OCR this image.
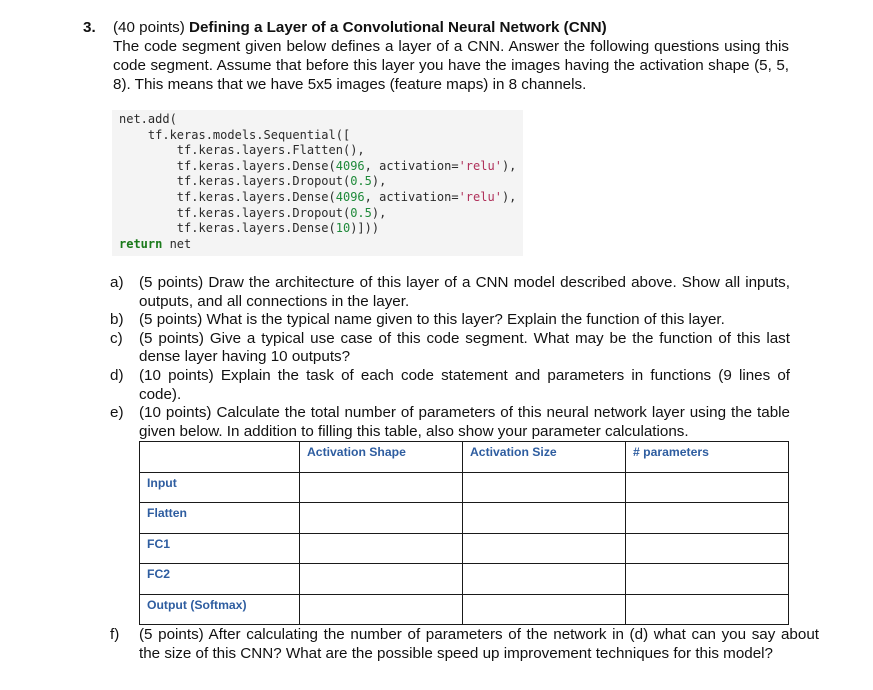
3. (40 points) Defining a Layer of a Convolutional Neural Network (CNN)
The code segment given below defines a layer of a CNN. Answer the following questions using this code segment. Assume that before this layer you have the images having the activation shape (5, 5, 8). This means that we have 5x5 images (feature maps) in 8 channels.
net.add(
tf.keras.models.Sequential([
tf.keras.layers.Flatten(),
tf.keras.layers.Dense(4096, activation='relu'),
tf.keras.layers.Dropout(0.5),
tf.keras.layers.Dense(4096, activation='relu'),
tf.keras.layers.Dropout(0.5),
tf.keras.layers.Dense(10)]))
return net
a) (5 points) Draw the architecture of this layer of a CNN model described above. Show all inputs, outputs, and all connections in the layer.
b) (5 points) What is the typical name given to this layer? Explain the function of this layer.
c) (5 points) Give a typical use case of this code segment. What may be the function of this last dense layer having 10 outputs?
d) (10 points) Explain the task of each code statement and parameters in functions (9 lines of code).
e) (10 points) Calculate the total number of parameters of this neural network layer using the table given below. In addition to filling this table, also show your parameter calculations.
	Activation Shape	Activation Size	# parameters
Input			
Flatten			
FC1			
FC2			
Output (Softmax)			
f) (5 points) After calculating the number of parameters of the network in (d) what can you say about the size of this CNN? What are the possible speed up improvement techniques for this model?
